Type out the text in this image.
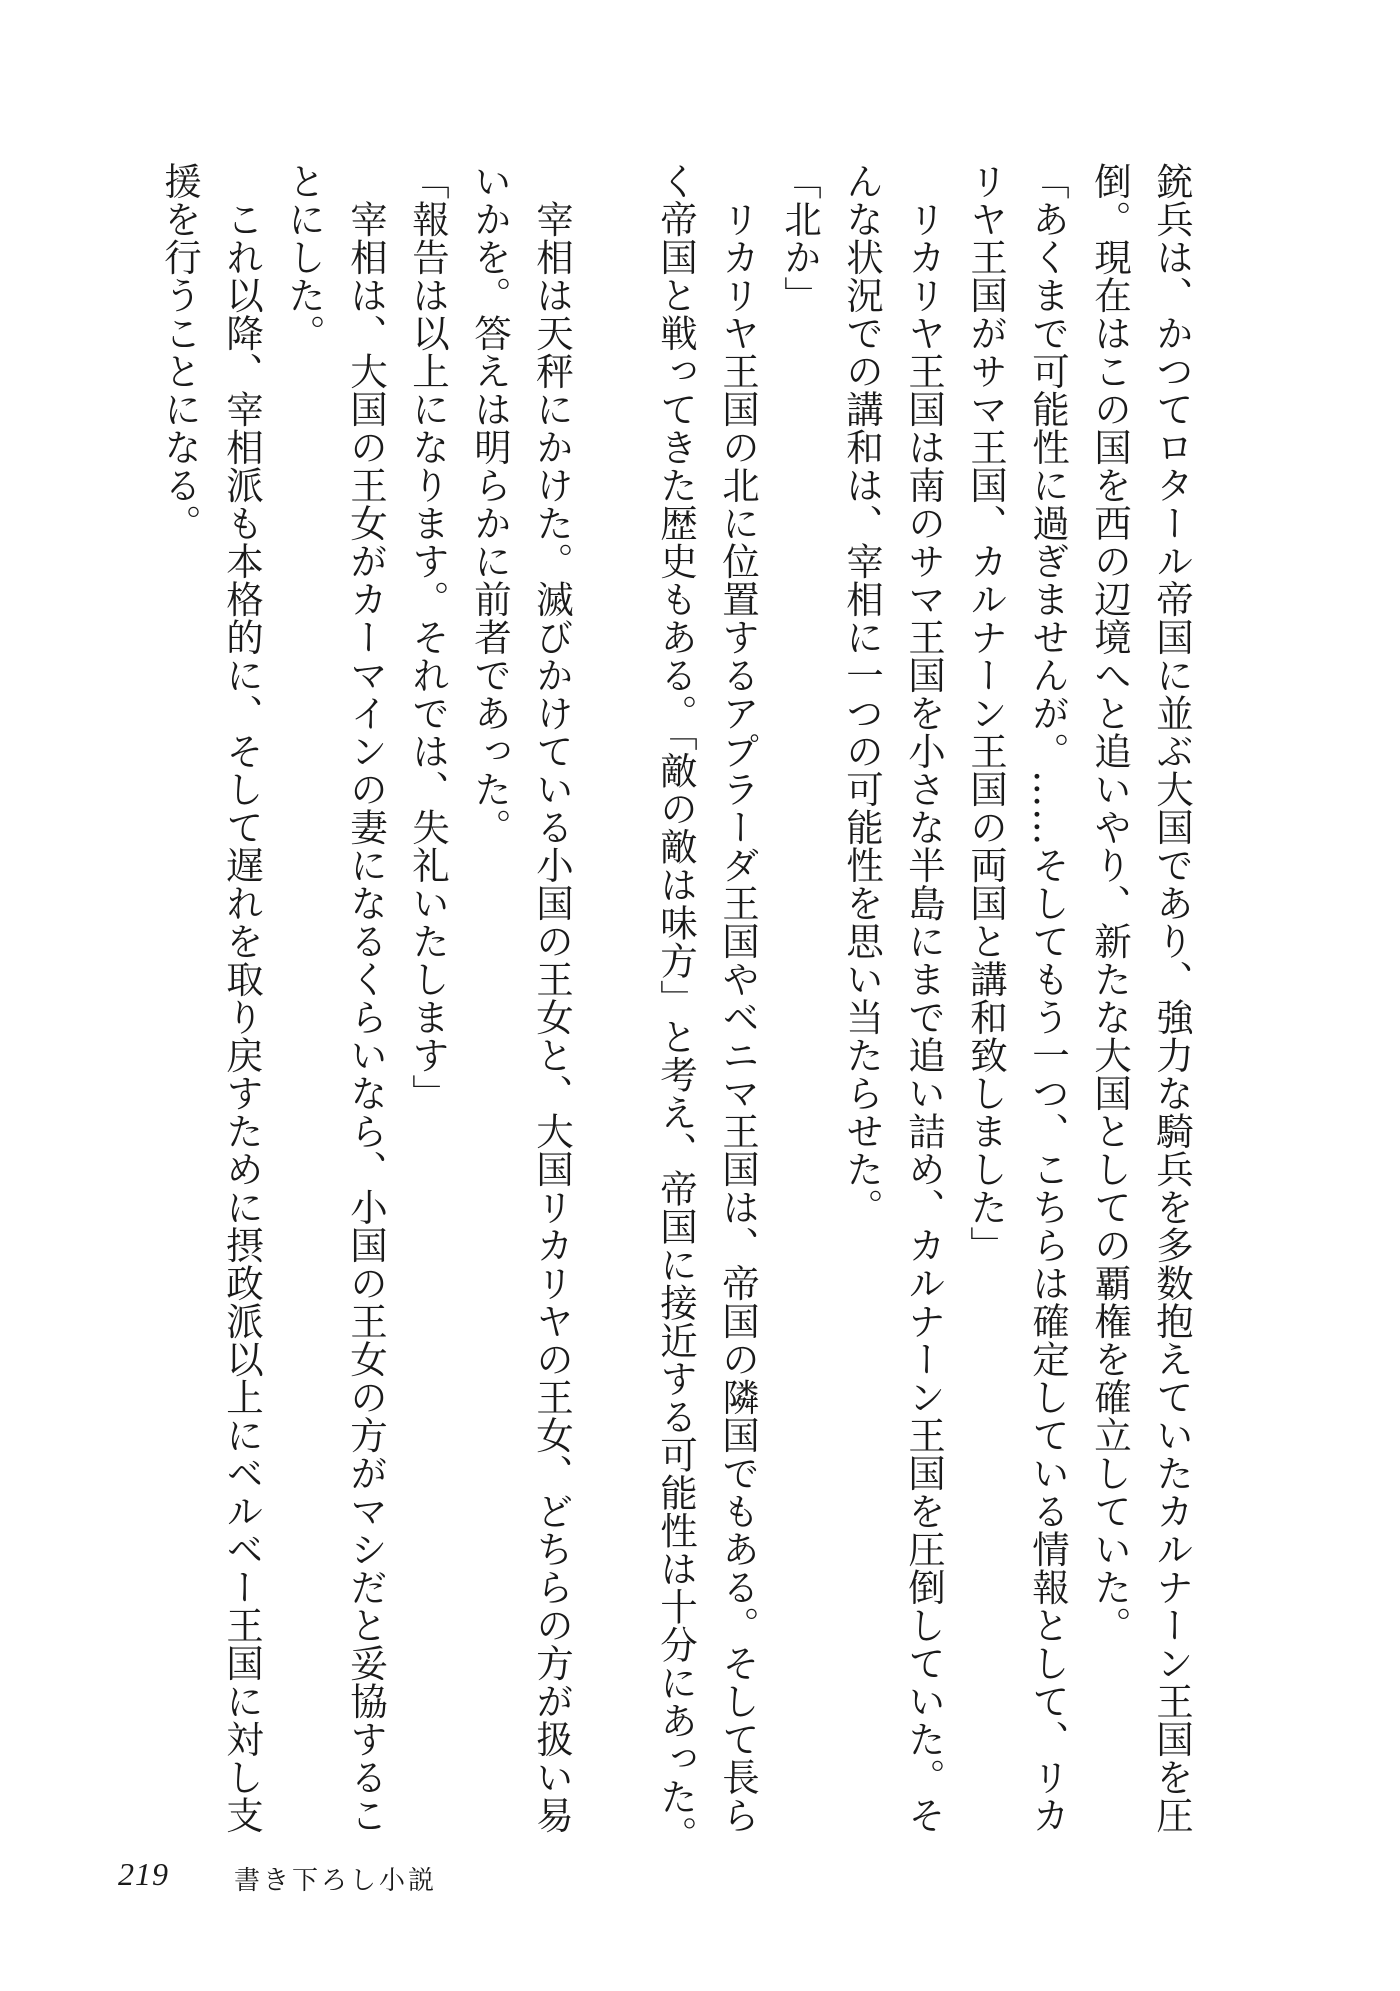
銃兵は、かつてロタール帝国に並ぶ大国であり、強力な騎兵を多数抱えていたカルナーン王国を圧
倒。現在はこの国を西の辺境へと追いやり、新たな大国としての覇権を確立していた。
「あくまで可能性に過ぎませんが。……そしてもう一つ、こちらは確定している情報として、リカ
リヤ王国がサマ王国、カルナーン王国の両国と講和致しました」
　リカリヤ王国は南のサマ王国を小さな半島にまで追い詰め、カルナーン王国を圧倒していた。そ
んな状況での講和は、宰相に一つの可能性を思い当たらせた。
「北か」
　リカリヤ王国の北に位置するアプラーダ王国やベニマ王国は、帝国の隣国でもある。そして長ら
く帝国と戦ってきた歴史もある。「敵の敵は味方」と考え、帝国に接近する可能性は十分にあった。

　宰相は天秤にかけた。滅びかけている小国の王女と、大国リカリヤの王女、どちらの方が扱い易
いかを。答えは明らかに前者であった。
「報告は以上になります。それでは、失礼いたします」
　宰相は、大国の王女がカーマインの妻になるくらいなら、小国の王女の方がマシだと妥協するこ
とにした。
　これ以降、宰相派も本格的に、そして遅れを取り戻すために摂政派以上にベルベー王国に対し支
援を行うことになる。
219	書き下ろし小説
